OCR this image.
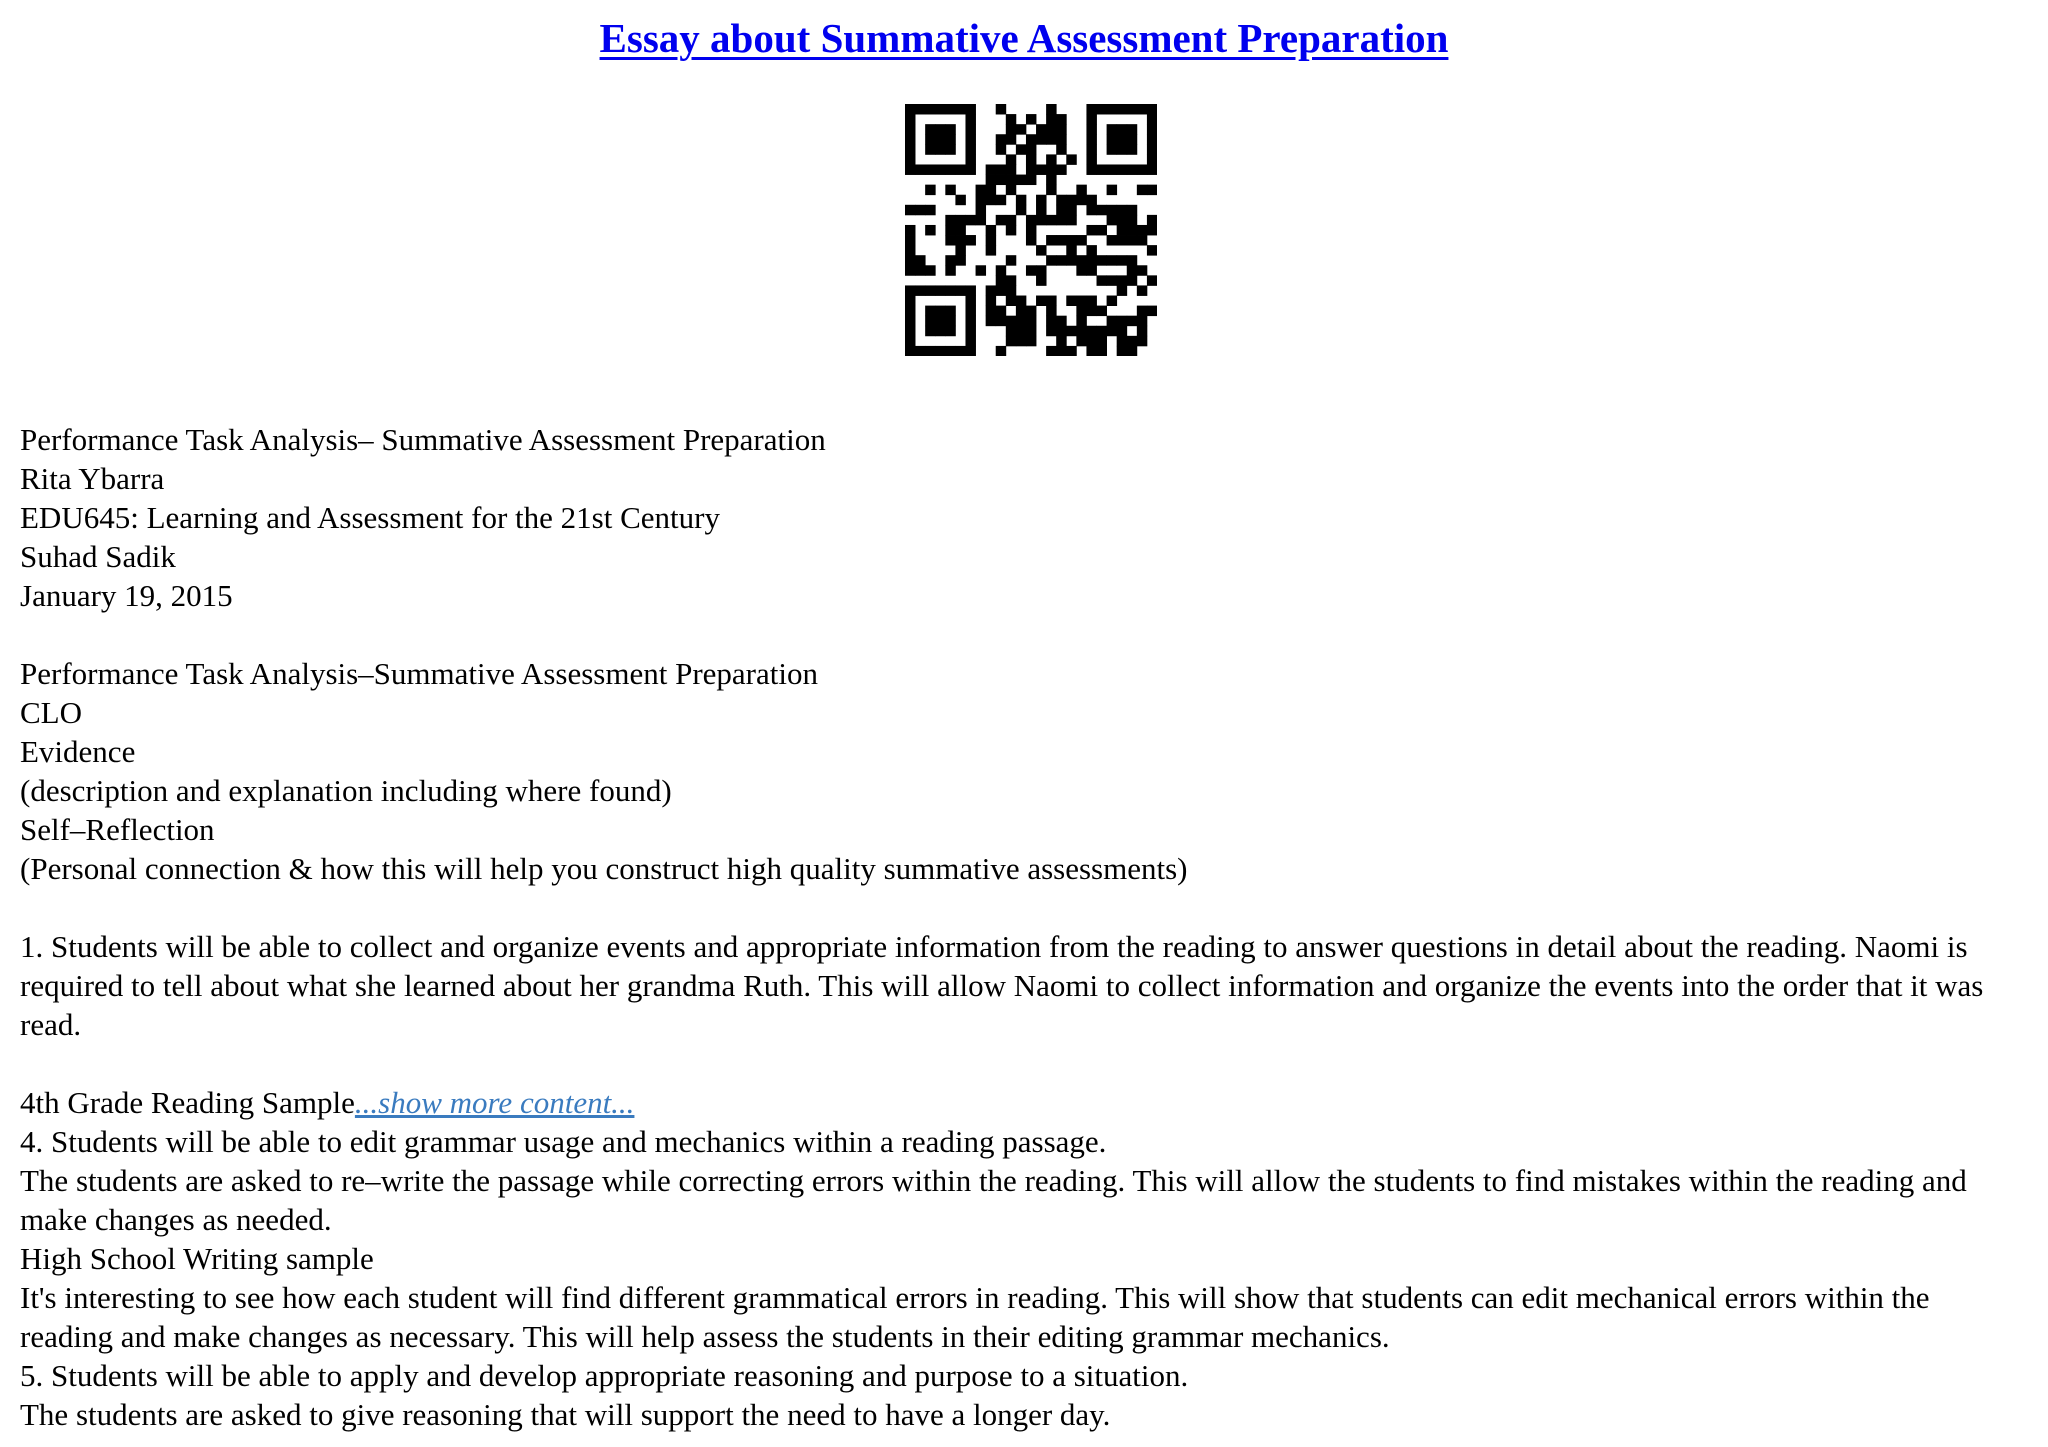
Essay about Summative Assessment Preparation
Performance Task Analysis– Summative Assessment Preparation
Rita Ybarra
EDU645: Learning and Assessment for the 21st Century
Suhad Sadik
January 19, 2015
Performance Task Analysis–Summative Assessment Preparation
CLO
Evidence
(description and explanation including where found)
Self–Reflection
(Personal connection & how this will help you construct high quality summative assessments)
1. Students will be able to collect and organize events and appropriate information from the reading to answer questions in detail about the reading. Naomi is required to tell about what she learned about her grandma Ruth. This will allow Naomi to collect information and organize the events into the order that it was read.
4th Grade Reading Sample...show more content...
4. Students will be able to edit grammar usage and mechanics within a reading passage.
The students are asked to re–write the passage while correcting errors within the reading. This will allow the students to find mistakes within the reading and make changes as needed.
High School Writing sample
It's interesting to see how each student will find different grammatical errors in reading. This will show that students can edit mechanical errors within the reading and make changes as necessary. This will help assess the students in their editing grammar mechanics.
5. Students will be able to apply and develop appropriate reasoning and purpose to a situation.
The students are asked to give reasoning that will support the need to have a longer day.
